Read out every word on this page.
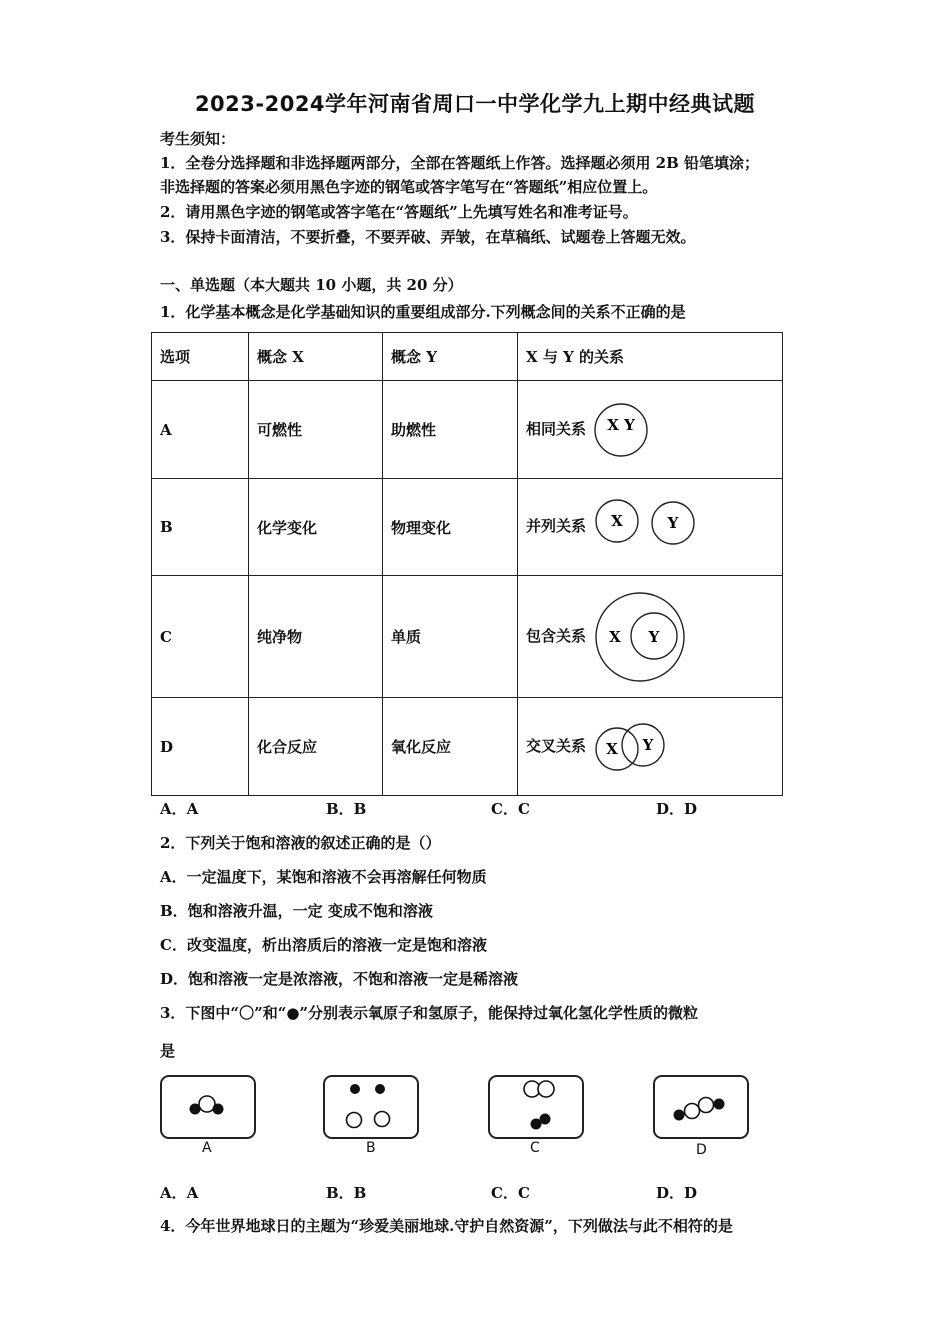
2023-2024学年河南省周口一中学化学九上期中经典试题
考生须知：
1．全卷分选择题和非选择题两部分，全部在答题纸上作答。选择题必须用 2B 铅笔填涂；
非选择题的答案必须用黑色字迹的钢笔或答字笔写在“答题纸”相应位置上。
2．请用黑色字迹的钢笔或答字笔在“答题纸”上先填写姓名和准考证号。
3．保持卡面清洁，不要折叠，不要弄破、弄皱，在草稿纸、试题卷上答题无效。
一、单选题（本大题共 10 小题，共 20 分）
1．化学基本概念是化学基础知识的重要组成部分.下列概念间的关系不正确的是
选项	概念 X	概念 Y	X 与 Y 的关系
A	可燃性	助燃性	相同关系 X Y

B	化学变化	物理变化	并列关系 X Y

C	纯净物	单质	包含关系 X Y

D	化合反应	氧化反应	交叉关系 X Y
A．A	B．B	C．C	D．D
2．下列关于饱和溶液的叙述正确的是（）
A．一定温度下，某饱和溶液不会再溶解任何物质
B．饱和溶液升温，一定 变成不饱和溶液
C．改变温度，析出溶质后的溶液一定是饱和溶液
D．饱和溶液一定是浓溶液，不饱和溶液一定是稀溶液
3．下图中“〇”和“●”分别表示氧原子和氢原子，能保持过氧化氢化学性质的微粒
是
A	B	C	D
A．A	B．B	C．C	D．D
4．今年世界地球日的主题为“珍爱美丽地球.守护自然资源”，下列做法与此不相符的是
